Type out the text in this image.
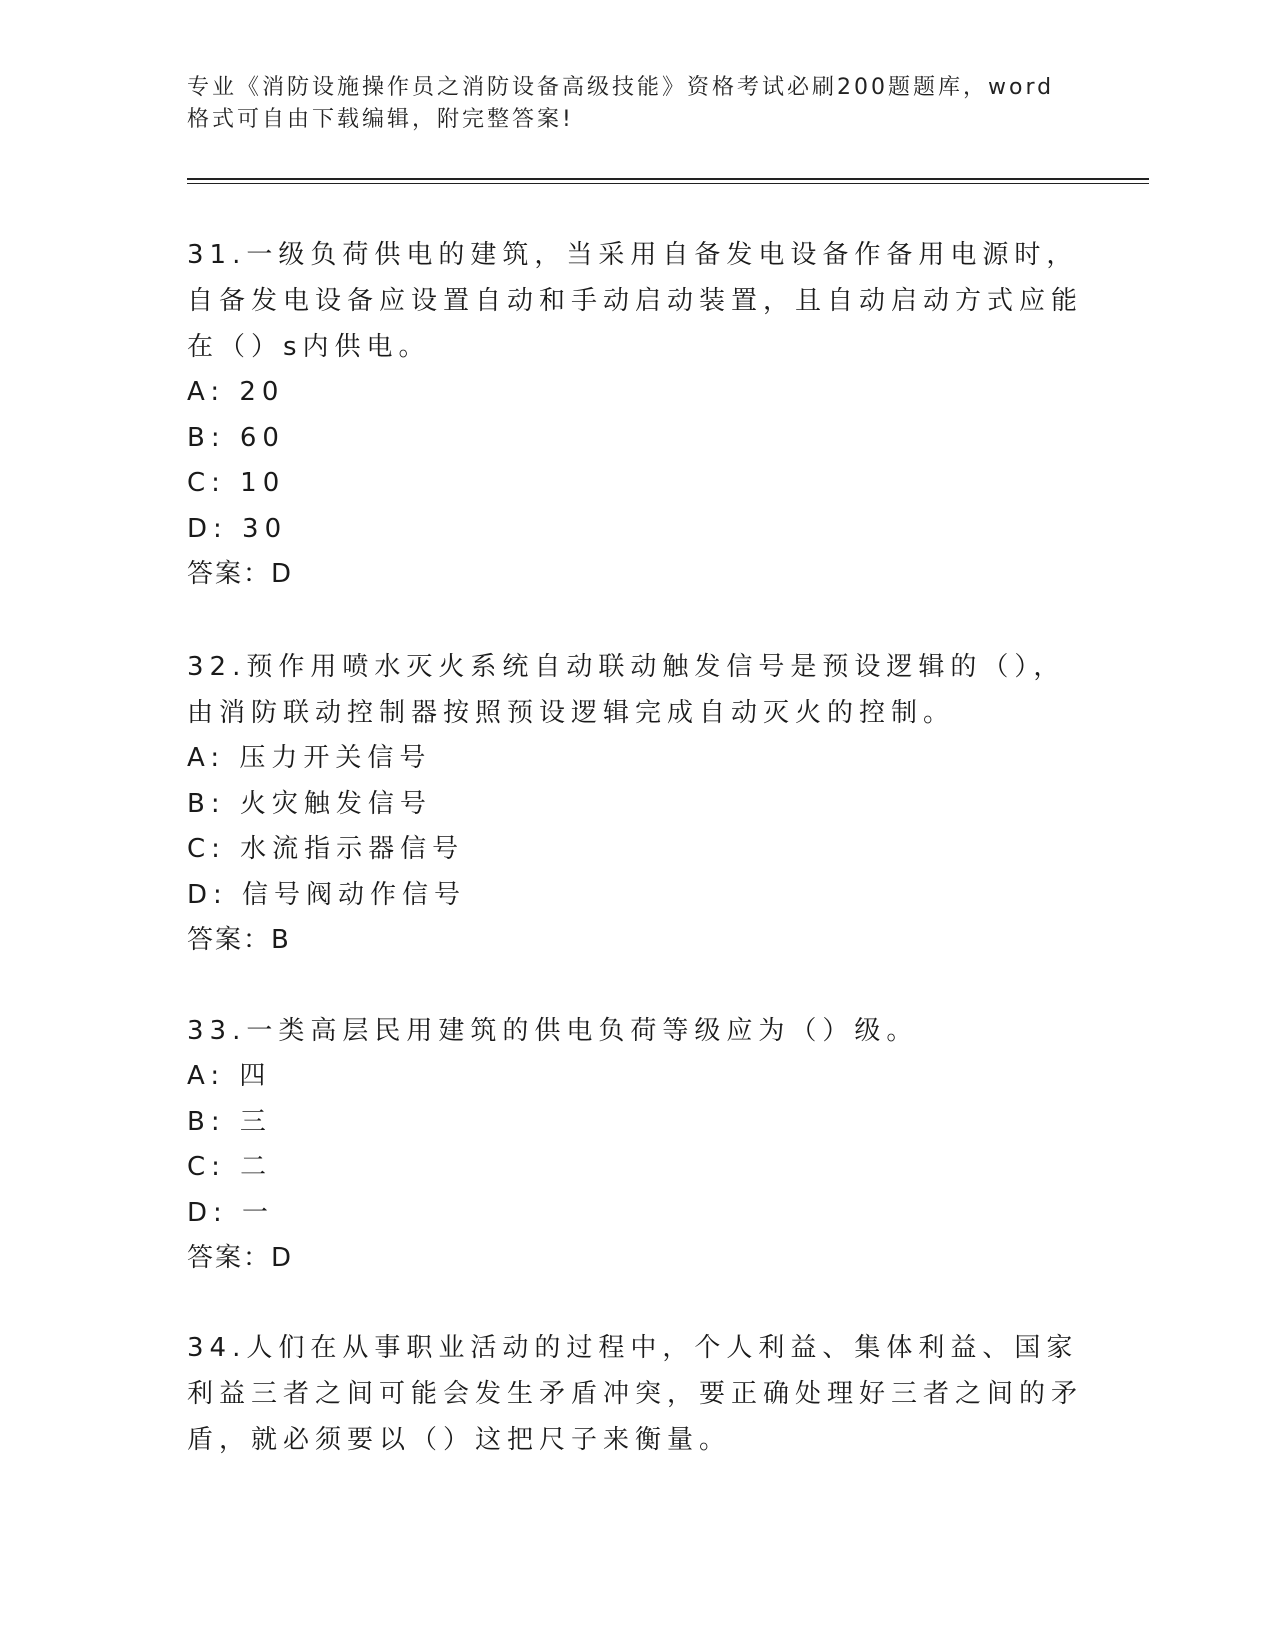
专业《消防设施操作员之消防设备高级技能》资格考试必刷200题题库，word格式可自由下载编辑，附完整答案!
31.一级负荷供电的建筑，当采用自备发电设备作备用电源时，自备发电设备应设置自动和手动启动装置，且自动启动方式应能在（）s内供电。
A: 20
B: 60
C: 10
D: 30
答案：D
32.预作用喷水灭火系统自动联动触发信号是预设逻辑的（），由消防联动控制器按照预设逻辑完成自动灭火的控制。
A: 压力开关信号
B: 火灾触发信号
C: 水流指示器信号
D: 信号阀动作信号
答案：B
33.一类高层民用建筑的供电负荷等级应为（）级。
A: 四
B: 三
C: 二
D: 一
答案：D
34.人们在从事职业活动的过程中，个人利益、集体利益、国家利益三者之间可能会发生矛盾冲突，要正确处理好三者之间的矛盾，就必须要以（）这把尺子来衡量。
